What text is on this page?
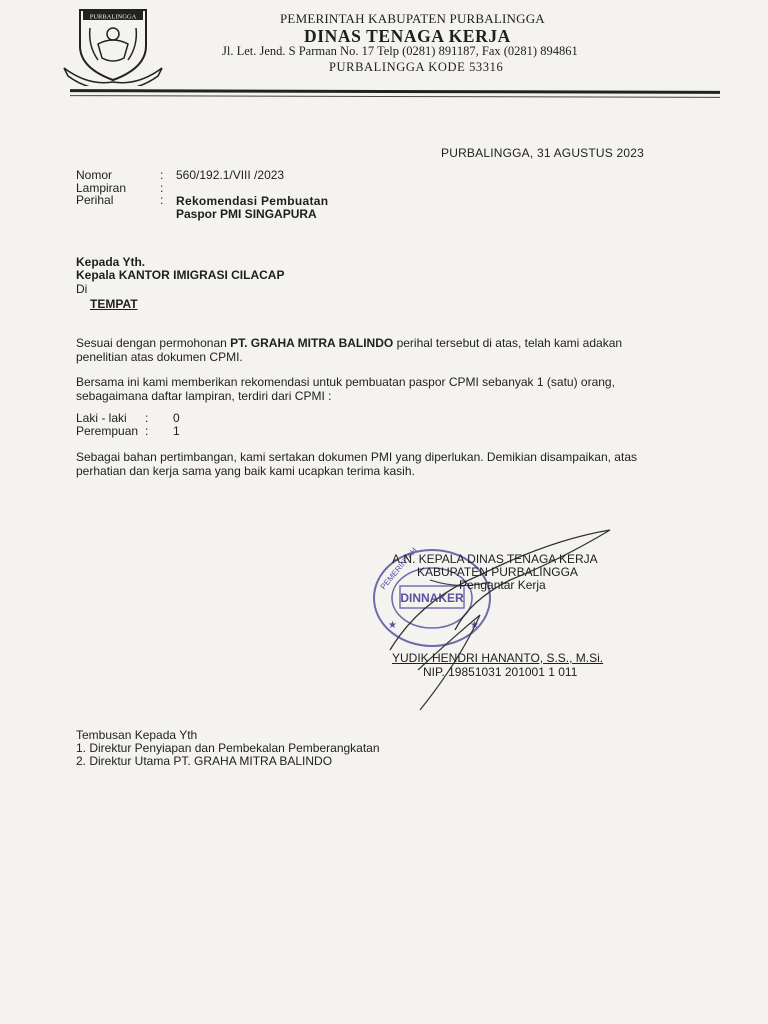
PURBALINGGA	PEMERINTAH KABUPATEN PURBALINGGA
DINAS TENAGA KERJA
Jl. Let. Jend. S Parman No. 17 Telp (0281) 891187, Fax (0281) 894861
PURBALINGGA KODE 53316
PURBALINGGA, 31 AGUSTUS 2023
Nomor	: 560/192.1/VIII /2023
Lampiran	:
Perihal	: Rekomendasi Pembuatan
Paspor PMI SINGAPURA
Kepada Yth.
Kepala KANTOR IMIGRASI CILACAP
Di
TEMPAT
Sesuai dengan permohonan PT. GRAHA MITRA BALINDO perihal tersebut di atas, telah kami adakan penelitian atas dokumen CPMI.
Bersama ini kami memberikan rekomendasi untuk pembuatan paspor CPMI sebanyak 1 (satu) orang, sebagaimana daftar lampiran, terdiri dari CPMI :
Laki - laki : 0
Perempuan : 1
Sebagai bahan pertimbangan, kami sertakan dokumen PMI yang diperlukan. Demikian disampaikan, atas perhatian dan kerja sama yang baik kami ucapkan terima kasih.
DINNAKER
PEMERINTAH
★	★
A.N. KEPALA DINAS TENAGA KERJA
KABUPATEN PURBALINGGA
Pengantar Kerja
YUDIK HENDRI HANANTO, S.S., M.Si.
NIP. 19851031 201001 1 011
Tembusan Kepada Yth
1. Direktur Penyiapan dan Pembekalan Pemberangkatan
2. Direktur Utama PT. GRAHA MITRA BALINDO
